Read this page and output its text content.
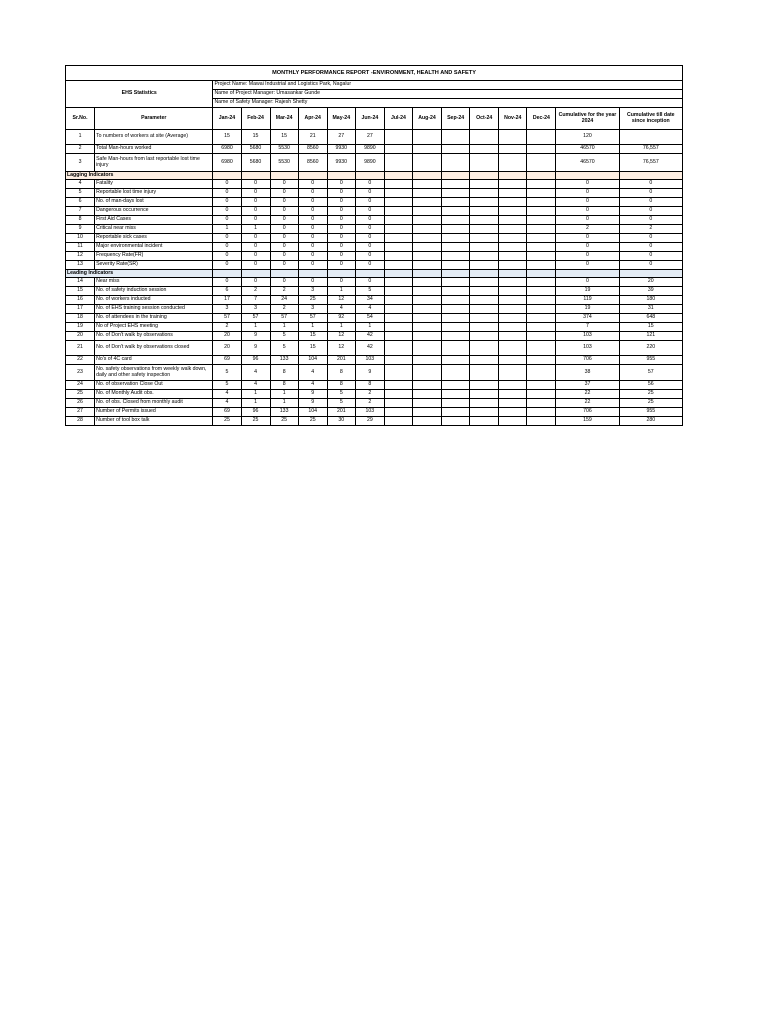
MONTHLY PERFORMANCE REPORT -ENVIRONMENT, HEALTH AND SAFETY															
EHS Statistics		Project Name: Mawai Industrial and Logistics Park, Nagalur													
		Name of Project Manager: Umasankar Gunde													
		Name of Safety Manager: Rajesh Shetty													
Sr.No.	Parameter	Jan-24	Feb-24	Mar-24	Apr-24	May-24	Jun-24	Jul-24	Aug-24	Sep-24	Oct-24	Nov-24	Dec-24	Cumulative for the year 2024	Cumulative till date since inception
1	To numbers of workers at site (Average)	15	15	15	21	27	27							120	
2	Total Man-hours worked	6980	5680	5530	8560	9930	9890							46570	76,557
3	Safe Man-hours from last reportable lost time injury	6980	5680	5530	8560	9930	9890							46570	76,557
Lagging Indicators															
4	Fatality	0	0	0	0	0	0							0	0
5	Reportable lost time injury	0	0	0	0	0	0							0	0
6	No. of man-days lost	0	0	0	0	0	0							0	0
7	Dangerous occurrence	0	0	0	0	0	0							0	0
8	First Aid Cases	0	0	0	0	0	0							0	0
9	Critical near miss	1	1	0	0	0	0							2	2
10	Reportable sick cases	0	0	0	0	0	0							0	0
11	Major environmental incident	0	0	0	0	0	0							0	0
12	Frequency Rate(FR)	0	0	0	0	0	0							0	0
13	Severity Rate(SR)	0	0	0	0	0	0							0	0
Leading Indicators															
14	Near miss	0	0	0	0	0	0							0	20
15	No. of safety induction session	6	2	2	3	1	5							19	39
16	No. of workers inducted	17	7	24	25	12	34							119	180
17	No. of EHS training session conducted	3	3	2	3	4	4							19	31
18	No. of attendees in the training	57	57	57	57	92	54							374	648
19	No of Project EHS meeting	2	1	1	1	1	1							7	15
20	No. of Don't walk by observations	20	9	5	15	12	42							103	121
21	No. of Don't walk by observations closed	20	9	5	15	12	42							103	220
22	No's of 4C card	69	96	133	104	201	103							706	955
23	No. safety observations from weekly walk down, daily and other safety inspection	5	4	8	4	8	9							38	57
24	No. of observation Close Out	5	4	8	4	8	8							37	56
25	No. of Monthly Audit obs.	4	1	1	9	5	2							22	25
26	No. of obs. Closed from monthly audit	4	1	1	9	5	2							22	25
27	Number of Permits issued	69	96	133	104	201	103							706	955
28	Number of tool box talk	25	25	25	25	30	29							159	280
